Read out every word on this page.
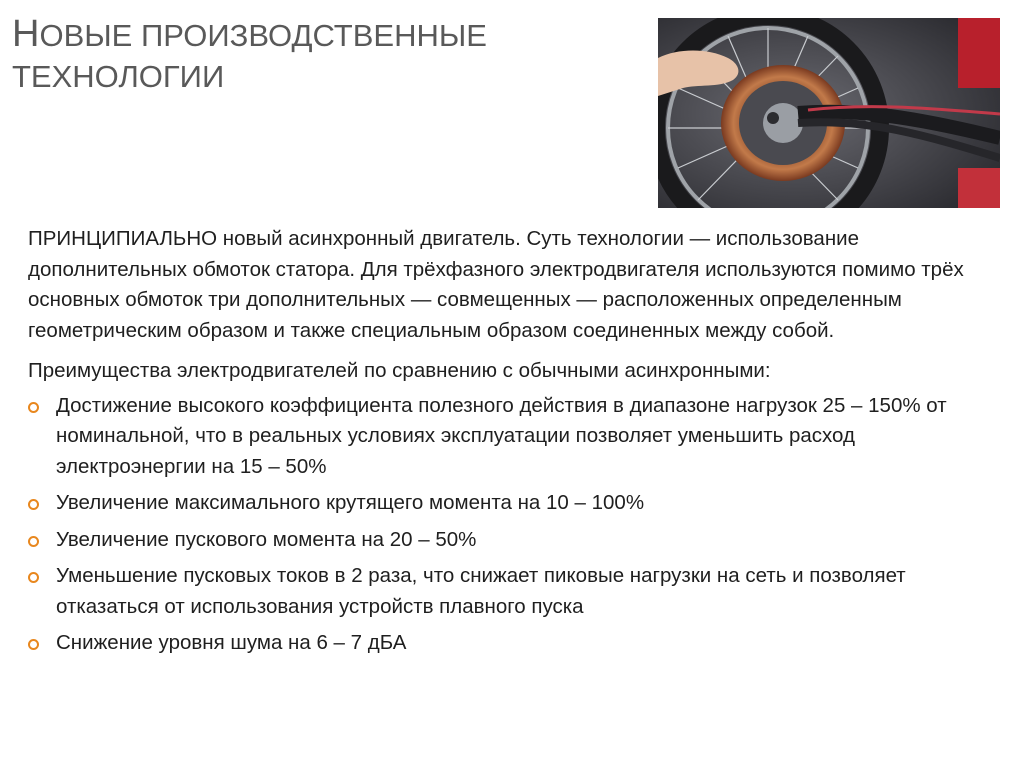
НОВЫЕ ПРОИЗВОДСТВЕННЫЕ
ТЕХНОЛОГИИ

ПРИНЦИПИАЛЬНО новый асинхронный двигатель. Суть технологии — использование дополнительных обмоток статора. Для трёхфазного электродвигателя используются помимо трёх основных обмоток три дополнительных — совмещенных — расположенных определенным геометрическим образом и также специальным образом соединенных между собой.

Преимущества электродвигателей по сравнению с обычными асинхронными:

Достижение высокого коэффициента полезного действия в диапазоне нагрузок 25 – 150% от номинальной, что в реальных условиях эксплуатации позволяет уменьшить расход электроэнергии на 15 – 50%
Увеличение максимального крутящего момента на 10 – 100%
Увеличение пускового момента на 20 – 50%
Уменьшение пусковых токов в 2 раза, что снижает пиковые нагрузки на сеть и позволяет отказаться от использования устройств плавного пуска
Снижение уровня шума на 6 – 7 дБА
